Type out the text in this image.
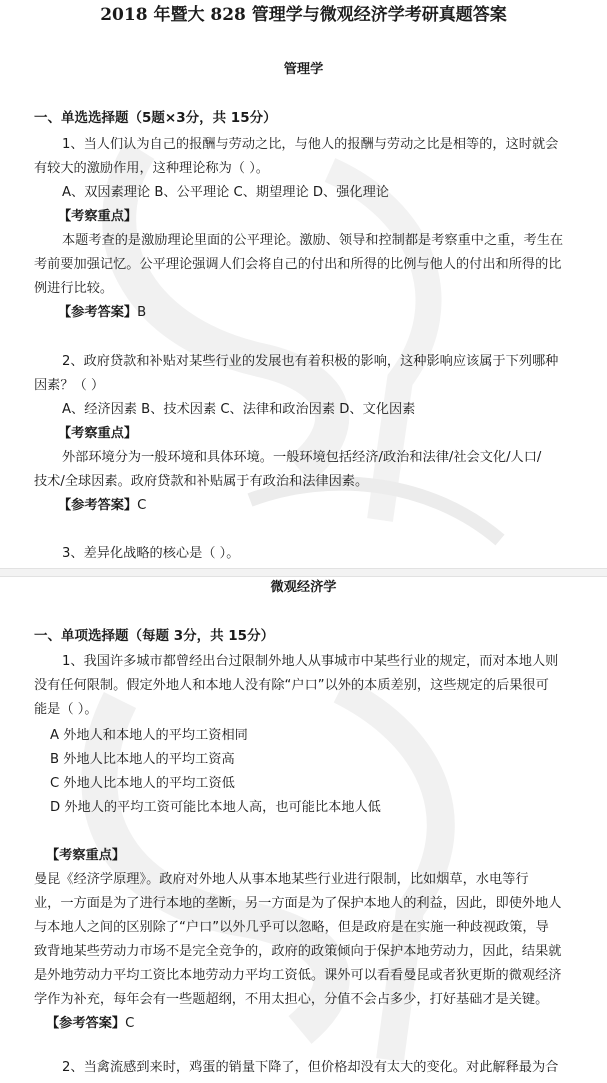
2018 年暨大 828 管理学与微观经济学考研真题答案
管理学
一、单选选择题（5题×3分，共 15分）
1、当人们认为自己的报酬与劳动之比，与他人的报酬与劳动之比是相等的，这时就会
有较大的激励作用，这种理论称为（ ）。
A、双因素理论 B、公平理论 C、期望理论 D、强化理论
【考察重点】
本题考查的是激励理论里面的公平理论。激励、领导和控制都是考察重中之重，考生在
考前要加强记忆。公平理论强调人们会将自己的付出和所得的比例与他人的付出和所得的比
例进行比较。
【参考答案】B
2、政府贷款和补贴对某些行业的发展也有着积极的影响，这种影响应该属于下列哪种
因素？（ ）
A、经济因素 B、技术因素 C、法律和政治因素 D、文化因素
【考察重点】
外部环境分为一般环境和具体环境。一般环境包括经济/政治和法律/社会文化/人口/
技术/全球因素。政府贷款和补贴属于有政治和法律因素。
【参考答案】C
3、差异化战略的核心是（ ）。
微观经济学
一、单项选择题（每题 3分，共 15分）
1、我国许多城市都曾经出台过限制外地人从事城市中某些行业的规定，而对本地人则
没有任何限制。假定外地人和本地人没有除“户口”以外的本质差别，这些规定的后果很可
能是（ ）。
A 外地人和本地人的平均工资相同
B 外地人比本地人的平均工资高
C 外地人比本地人的平均工资低
D 外地人的平均工资可能比本地人高，也可能比本地人低
【考察重点】
曼昆《经济学原理》。政府对外地人从事本地某些行业进行限制，比如烟草，水电等行
业，一方面是为了进行本地的垄断，另一方面是为了保护本地人的利益，因此，即使外地人
与本地人之间的区别除了“户口”以外几乎可以忽略，但是政府是在实施一种歧视政策，导
致背地某些劳动力市场不是完全竞争的，政府的政策倾向于保护本地劳动力，因此，结果就
是外地劳动力平均工资比本地劳动力平均工资低。课外可以看看曼昆或者狄更斯的微观经济
学作为补充，每年会有一些题超纲，不用太担心，分值不会占多少，打好基础才是关键。
【参考答案】C
2、当禽流感到来时，鸡蛋的销量下降了，但价格却没有太大的变化。对此解释最为合
